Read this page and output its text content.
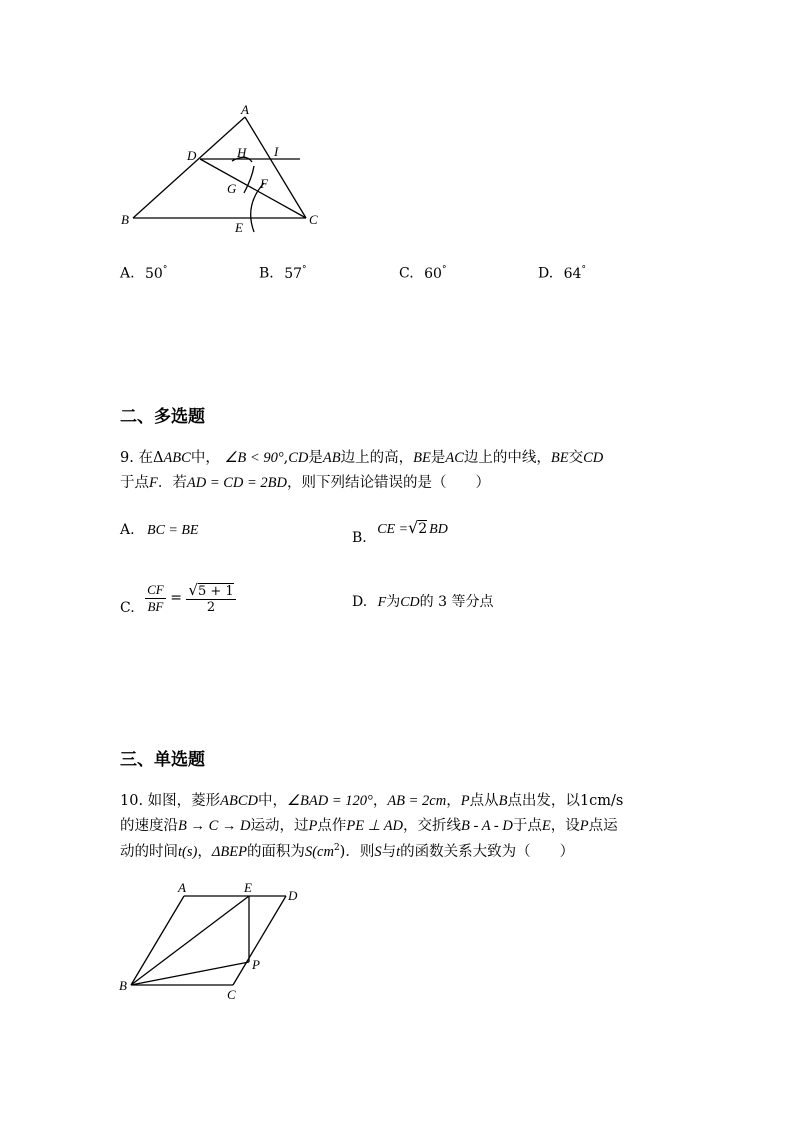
A
B	C
D
E
F
G
H I
A. 50°	B. 57°	C. 60°	D. 64°
二、多选题
9. 在ΔABC中， ∠B < 90°,CD是AB边上的高，BE是AC边上的中线，BE交CD
于点F．若AD = CD = 2BD，则下列结论错误的是（　　）
A. BC = BE	B. CE =√2 BD
C. $\frac{CF}{BF} = \frac{√5 + 1}{2}$	D. F为CD的 3 等分点
三、单选题
10. 如图，菱形ABCD中，∠BAD = 120°，AB = 2cm，P点从B点出发，以1cm/s
的速度沿B → C → D运动，过P点作PE ⊥ AD，交折线B - A - D于点E，设P点运
动的时间t(s)，ΔBEP的面积为$S(cm^2)$．则S与t的函数关系大致为（　　）
A	E
D
P
B
C
